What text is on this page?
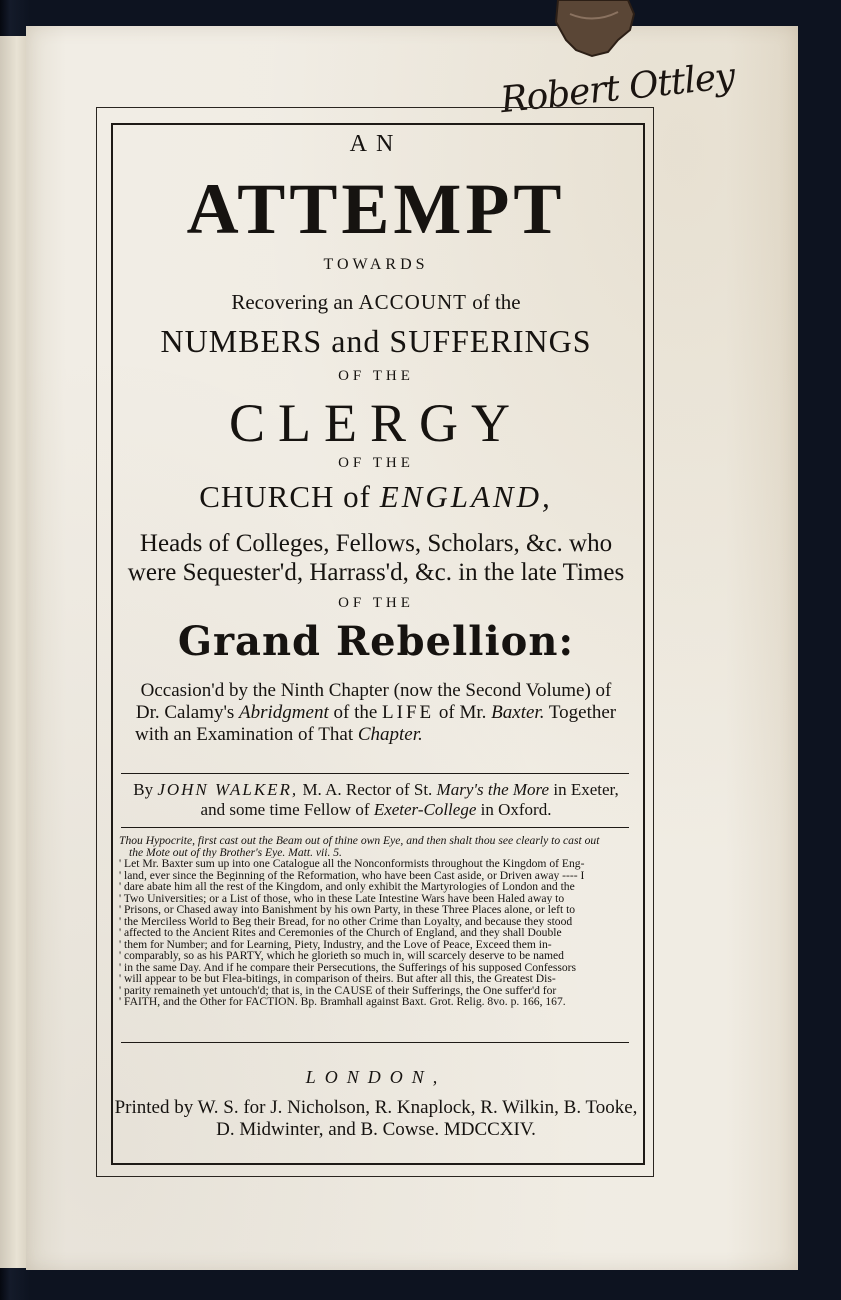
Robert Ottley
AN
ATTEMPT
TOWARDS
Recovering an ACCOUNT of the
NUMBERS and SUFFERINGS
OF THE
CLERGY
OF THE
CHURCH of ENGLAND,
Heads of Colleges, Fellows, Scholars, &c. who
were Sequester'd, Harrass'd, &c. in the late Times
OF THE
Grand Rebellion:
Occasion'd by the Ninth Chapter (now the Second Volume) of
Dr. Calamy's Abridgment of the LIFE of Mr. Baxter. Together
with an Examination of That Chapter.
By JOHN WALKER, M. A. Rector of St. Mary's the More in Exeter,
and some time Fellow of Exeter-College in Oxford.
Thou Hypocrite, first cast out the Beam out of thine own Eye, and then shalt thou see clearly to cast out
the Mote out of thy Brother's Eye. Matt. vii. 5.
' Let Mr. Baxter sum up into one Catalogue all the Nonconformists throughout the Kingdom of Eng-
' land, ever since the Beginning of the Reformation, who have been Cast aside, or Driven away ---- I
' dare abate him all the rest of the Kingdom, and only exhibit the Martyrologies of London and the
' Two Universities; or a List of those, who in these Late Intestine Wars have been Haled away to
' Prisons, or Chased away into Banishment by his own Party, in these Three Places alone, or left to
' the Merciless World to Beg their Bread, for no other Crime than Loyalty, and because they stood
' affected to the Ancient Rites and Ceremonies of the Church of England, and they shall Double
' them for Number; and for Learning, Piety, Industry, and the Love of Peace, Exceed them in-
' comparably, so as his PARTY, which he glorieth so much in, will scarcely deserve to be named
' in the same Day. And if he compare their Persecutions, the Sufferings of his supposed Confessors
' will appear to be but Flea-bitings, in comparison of theirs. But after all this, the Greatest Dis-
' parity remaineth yet untouch'd; that is, in the CAUSE of their Sufferings, the One suffer'd for
' FAITH, and the Other for FACTION. Bp. Bramhall against Baxt. Grot. Relig. 8vo. p. 166, 167.
LONDON,
Printed by W. S. for J. Nicholson, R. Knaplock, R. Wilkin, B. Tooke,
D. Midwinter, and B. Cowse. MDCCXIV.
